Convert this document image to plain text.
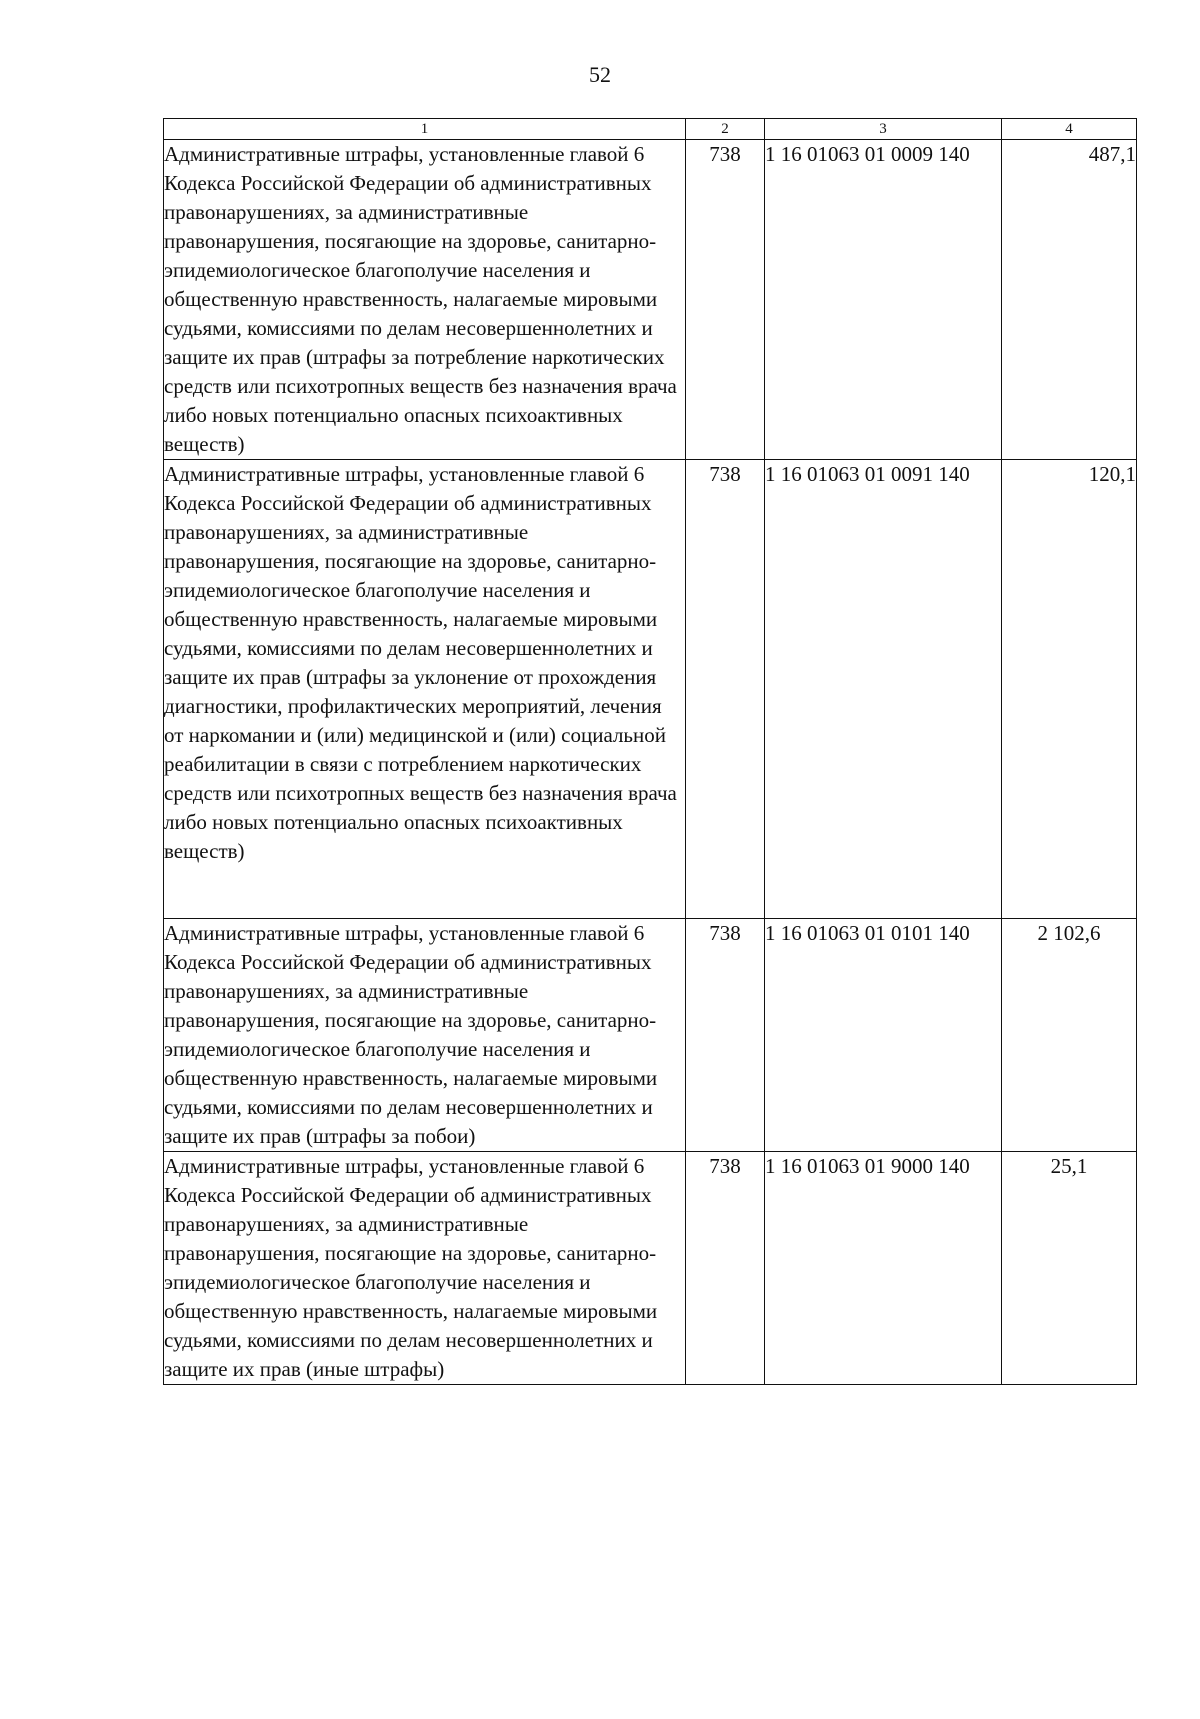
52
1	2	3	4
Административные штрафы, установленные главой 6 Кодекса Российской Федерации об административных правонарушениях, за административные правонарушения, посягающие на здоровье, санитарно-эпидемиологическое благополучие населения и общественную нравственность, налагаемые мировыми судьями, комиссиями по делам несовершеннолетних и защите их прав (штрафы за потребление наркотических средств или психотропных веществ без назначения врача либо новых потенциально опасных психоактивных веществ)	738	1 16 01063 01 0009 140	487,1
Административные штрафы, установленные главой 6 Кодекса Российской Федерации об административных правонарушениях, за административные правонарушения, посягающие на здоровье, санитарно-эпидемиологическое благополучие населения и общественную нравственность, налагаемые мировыми судьями, комиссиями по делам несовершеннолетних и защите их прав (штрафы за уклонение от прохождения диагностики, профилактических мероприятий, лечения от наркомании и (или) медицинской и (или) социальной реабилитации в связи с потреблением наркотических средств или психотропных веществ без назначения врача либо новых потенциально опасных психоактивных веществ)	738	1 16 01063 01 0091 140	120,1
Административные штрафы, установленные главой 6 Кодекса Российской Федерации об административных правонарушениях, за административные правонарушения, посягающие на здоровье, санитарно-эпидемиологическое благополучие населения и общественную нравственность, налагаемые мировыми судьями, комиссиями по делам несовершеннолетних и защите их прав (штрафы за побои)	738	1 16 01063 01 0101 140	2 102,6
Административные штрафы, установленные главой 6 Кодекса Российской Федерации об административных правонарушениях, за административные правонарушения, посягающие на здоровье, санитарно-эпидемиологическое благополучие населения и общественную нравственность, налагаемые мировыми судьями, комиссиями по делам несовершеннолетних и защите их прав (иные штрафы)	738	1 16 01063 01 9000 140	25,1
